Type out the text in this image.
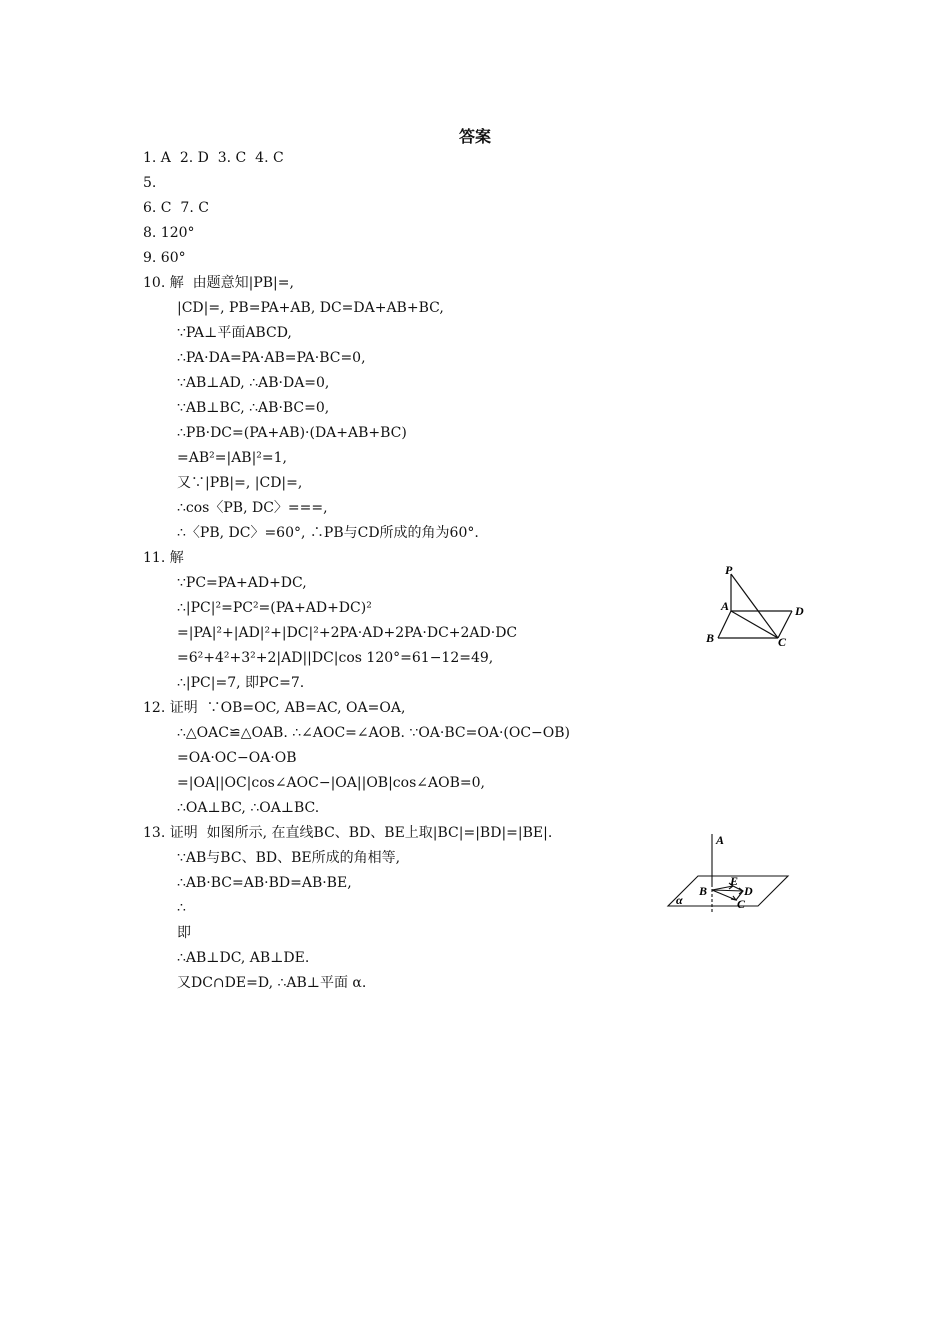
答案
1. A  2. D  3. C  4. C
5.
6. C  7. C
8. 120°
9. 60°
10. 解  由题意知|PB|=,
|CD|=, PB=PA+AB, DC=DA+AB+BC,
∵PA⊥平面ABCD,
∴PA·DA=PA·AB=PA·BC=0,
∵AB⊥AD, ∴AB·DA=0,
∵AB⊥BC, ∴AB·BC=0,
∴PB·DC=(PA+AB)·(DA+AB+BC)
=AB²=|AB|²=1,
又∵|PB|=, |CD|=,
∴cos〈PB, DC〉===,
∴〈PB, DC〉=60°, ∴PB与CD所成的角为60°.
11. 解
∵PC=PA+AD+DC,
∴|PC|²=PC²=(PA+AD+DC)²
=|PA|²+|AD|²+|DC|²+2PA·AD+2PA·DC+2AD·DC
=6²+4²+3²+2|AD||DC|cos 120°=61−12=49,
∴|PC|=7, 即PC=7.
12. 证明  ∵OB=OC, AB=AC, OA=OA,
∴△OAC≌△OAB. ∴∠AOC=∠AOB. ∵OA·BC=OA·(OC−OB)
=OA·OC−OA·OB
=|OA||OC|cos∠AOC−|OA||OB|cos∠AOB=0,
∴OA⊥BC, ∴OA⊥BC.
13. 证明  如图所示, 在直线BC、BD、BE上取|BC|=|BD|=|BE|.
∵AB与BC、BD、BE所成的角相等,
∴AB·BC=AB·BD=AB·BE,
∴
即
∴AB⊥DC, AB⊥DE.
又DC∩DE=D, ∴AB⊥平面 α.
P
A	D
B	C
A
E
B	D
C
α
